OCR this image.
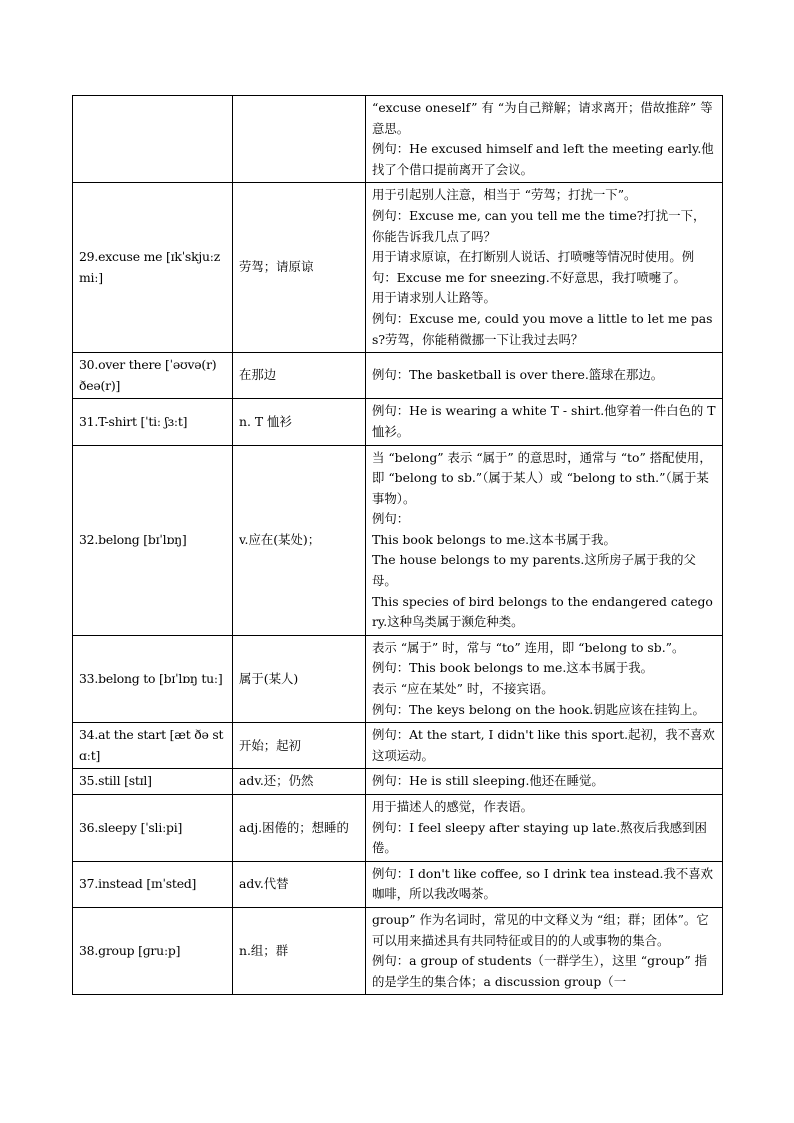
		“excuse oneself” 有 “为自己辩解；请求离开；借故推辞” 等意思。
例句：He excused himself and left the meeting early.他找了个借口提前离开了会议。

29.excuse me [ɪkˈskjuːz miː]	劳驾；请原谅	用于引起别人注意，相当于 “劳驾；打扰一下”。
例句：Excuse me, can you tell me the time?打扰一下，你能告诉我几点了吗？
用于请求原谅，在打断别人说话、打喷嚏等情况时使用。例句：Excuse me for sneezing.不好意思，我打喷嚏了。
用于请求别人让路等。
例句：Excuse me, could you move a little to let me pass?劳驾，你能稍微挪一下让我过去吗？

30.over there [ˈəʊvə(r) ðeə(r)]	在那边	例句：The basketball is over there.篮球在那边。

31.T-shirt [ˈtiː ʃɜːt]	n. T 恤衫	例句：He is wearing a white T - shirt.他穿着一件白色的 T 恤衫。

32.belong [bɪˈlɒŋ]	v.应在(某处)；	当 “belong” 表示 “属于” 的意思时，通常与 “to” 搭配使用，即 “belong to sb.”（属于某人）或 “belong to sth.”（属于某事物）。
例句：
This book belongs to me.这本书属于我。
The house belongs to my parents.这所房子属于我的父母。
This species of bird belongs to the endangered category.这种鸟类属于濒危种类。

33.belong to [bɪˈlɒŋ tuː]	属于(某人)	表示 “属于” 时，常与 “to” 连用，即 “belong to sb.”。
例句：This book belongs to me.这本书属于我。
表示 “应在某处” 时，不接宾语。
例句：The keys belong on the hook.钥匙应该在挂钩上。

34.at the start [æt ðə stɑːt]	开始；起初	例句：At the start, I didn't like this sport.起初，我不喜欢这项运动。

35.still [stɪl]	adv.还；仍然	例句：He is still sleeping.他还在睡觉。

36.sleepy [ˈsliːpi]	adj.困倦的；想睡的	用于描述人的感觉，作表语。
例句：I feel sleepy after staying up late.熬夜后我感到困倦。

37.instead [ɪnˈsted]	adv.代替	例句：I don't like coffee, so I drink tea instead.我不喜欢咖啡，所以我改喝茶。

38.group [ɡruːp]	n.组；群	group” 作为名词时，常见的中文释义为 “组；群；团体”。它可以用来描述具有共同特征或目的的人或事物的集合。
例句：a group of students（一群学生），这里 “group” 指的是学生的集合体；a discussion group（一
